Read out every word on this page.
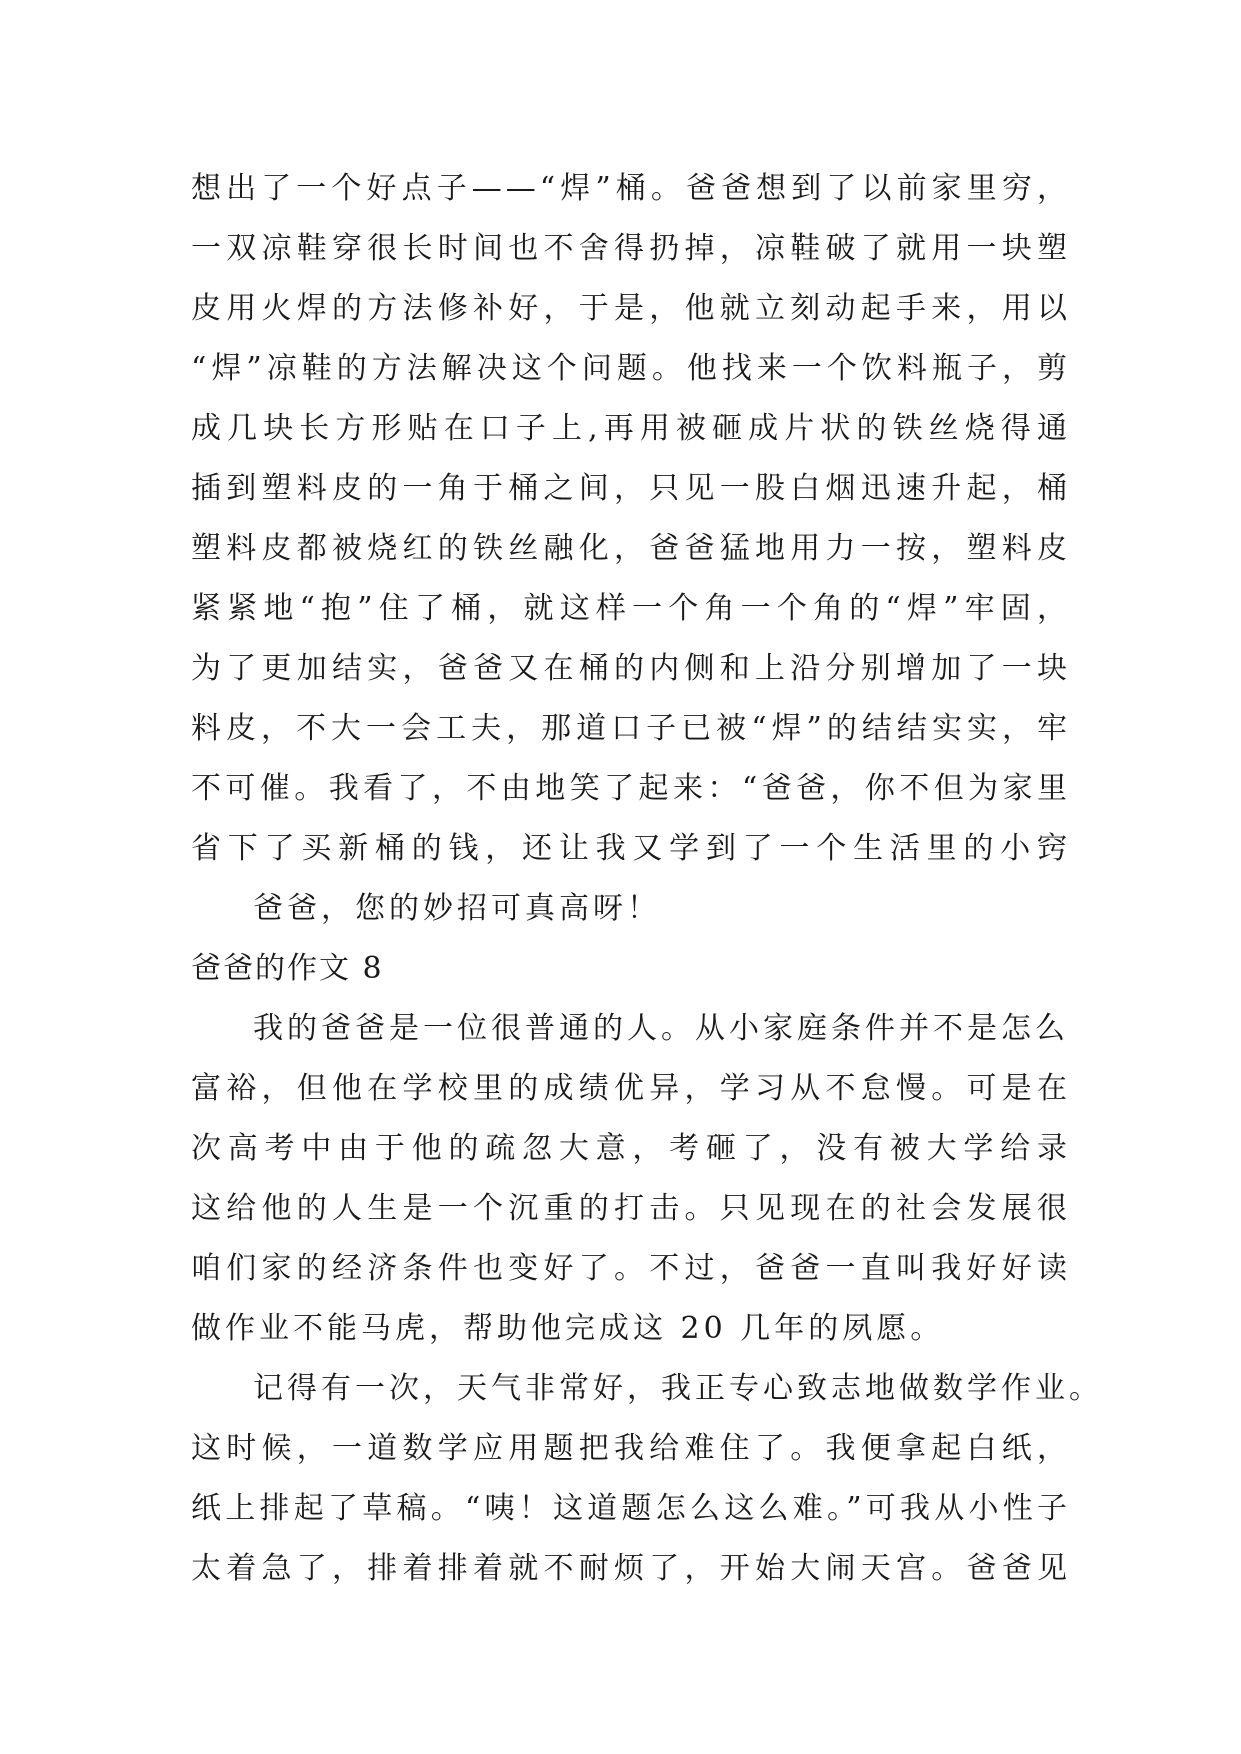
想出了一个好点子——“焊”桶。爸爸想到了以前家里穷，
一双凉鞋穿很长时间也不舍得扔掉，凉鞋破了就用一块塑
皮用火焊的方法修补好，于是，他就立刻动起手来，用以
“焊”凉鞋的方法解决这个问题。他找来一个饮料瓶子，剪
成几块长方形贴在口子上,再用被砸成片状的铁丝烧得通
插到塑料皮的一角于桶之间，只见一股白烟迅速升起，桶
塑料皮都被烧红的铁丝融化，爸爸猛地用力一按，塑料皮
紧紧地“抱”住了桶，就这样一个角一个角的“焊”牢固，
为了更加结实，爸爸又在桶的内侧和上沿分别增加了一块
料皮，不大一会工夫，那道口子已被“焊”的结结实实，牢
不可催。我看了，不由地笑了起来：“爸爸，你不但为家里
省下了买新桶的钱，还让我又学到了一个生活里的小窍
爸爸，您的妙招可真高呀！
爸爸的作文 8
我的爸爸是一位很普通的人。从小家庭条件并不是怎么
富裕，但他在学校里的成绩优异，学习从不怠慢。可是在
次高考中由于他的疏忽大意，考砸了，没有被大学给录
这给他的人生是一个沉重的打击。只见现在的社会发展很
咱们家的经济条件也变好了。不过，爸爸一直叫我好好读
做作业不能马虎，帮助他完成这 20 几年的夙愿。
记得有一次，天气非常好，我正专心致志地做数学作业。
这时候，一道数学应用题把我给难住了。我便拿起白纸，
纸上排起了草稿。“咦！这道题怎么这么难。”可我从小性子
太着急了，排着排着就不耐烦了，开始大闹天宫。爸爸见
